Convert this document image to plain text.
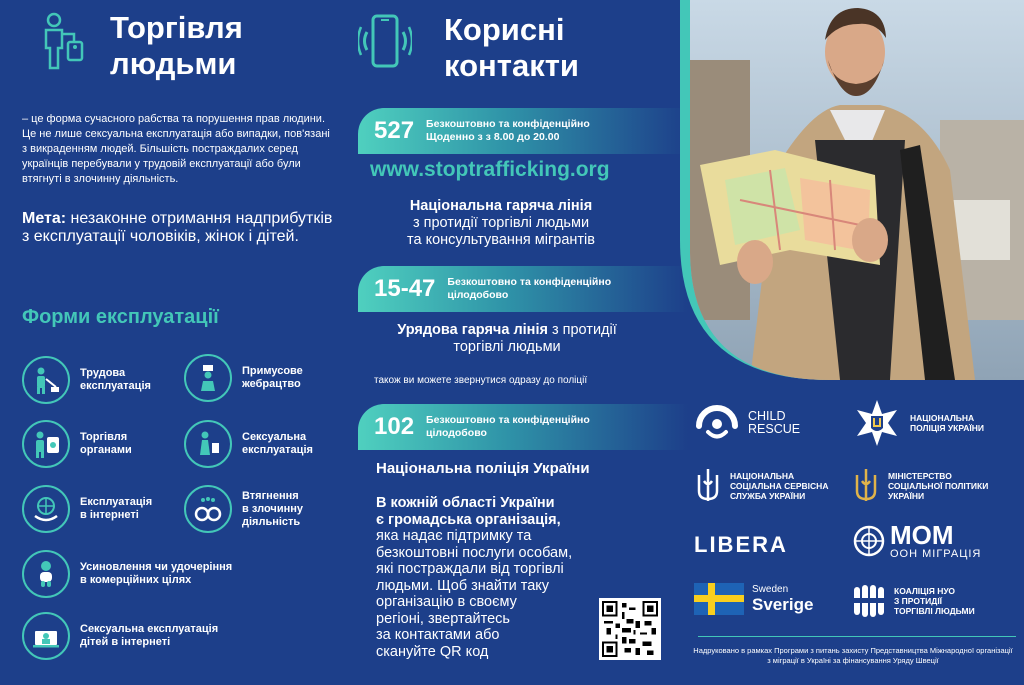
Торгівля
людьми
– це форма сучасного рабства та порушення прав людини. Це не лише сексуальна експлуатація або випадки, пов'язані з викраденням людей. Більшість постраждалих серед українців перебували у трудовій експлуатації або були втягнуті в злочинну діяльність.
Мета: незаконне отримання надприбутків з експлуатації чоловіків, жінок і дітей.
Форми експлуатації
Трудова
експлуатація
Примусове
жебрацтво
Торгівля
органами
Сексуальна
експлуатація
Експлуатація
в інтернеті
Втягнення
в злочинну
діяльність
Усиновлення чи удочеріння
в комерційних цілях
Сексуальна експлуатація
дітей в інтернеті
Корисні
контакти
527 Безкоштовно та конфіденційно
Щоденно з з 8.00 до 20.00
www.stoptrafficking.org
Національна гаряча лінія
з протидії торгівлі людьми
та консультування мігрантів
15-47 Безкоштовно та конфіденційно
цілодобово
Урядова гаряча лінія з протидії
торгівлі людьми
також ви можете звернутися одразу до поліції
102 Безкоштовно та конфіденційно
цілодобово
Національна поліція України
В кожній області України
є громадська організація,
яка надає підтримку та
безкоштовні послуги особам,
які постраждали від торгівлі
людьми. Щоб знайти таку
організацію в своєму
регіоні, звертайтесь
за контактами або
скануйте QR код
CHILD
RESCUE
НАЦІОНАЛЬНА
ПОЛІЦІЯ УКРАЇНИ
НАЦІОНАЛЬНА
СОЦІАЛЬНА СЕРВІСНА
СЛУЖБА УКРАЇНИ
МІНІСТЕРСТВО
СОЦІАЛЬНОЇ ПОЛІТИКИ
УКРАЇНИ
LIBERA	МОМ
ООН МІГРАЦІЯ
Sweden
Sverige
КОАЛІЦІЯ НУО
З ПРОТИДІЇ
ТОРГІВЛІ ЛЮДЬМИ
Надруковано в рамках Програми з питань захисту Представництва Міжнародної організації з міграції в Україні за фінансування Уряду Швеції
